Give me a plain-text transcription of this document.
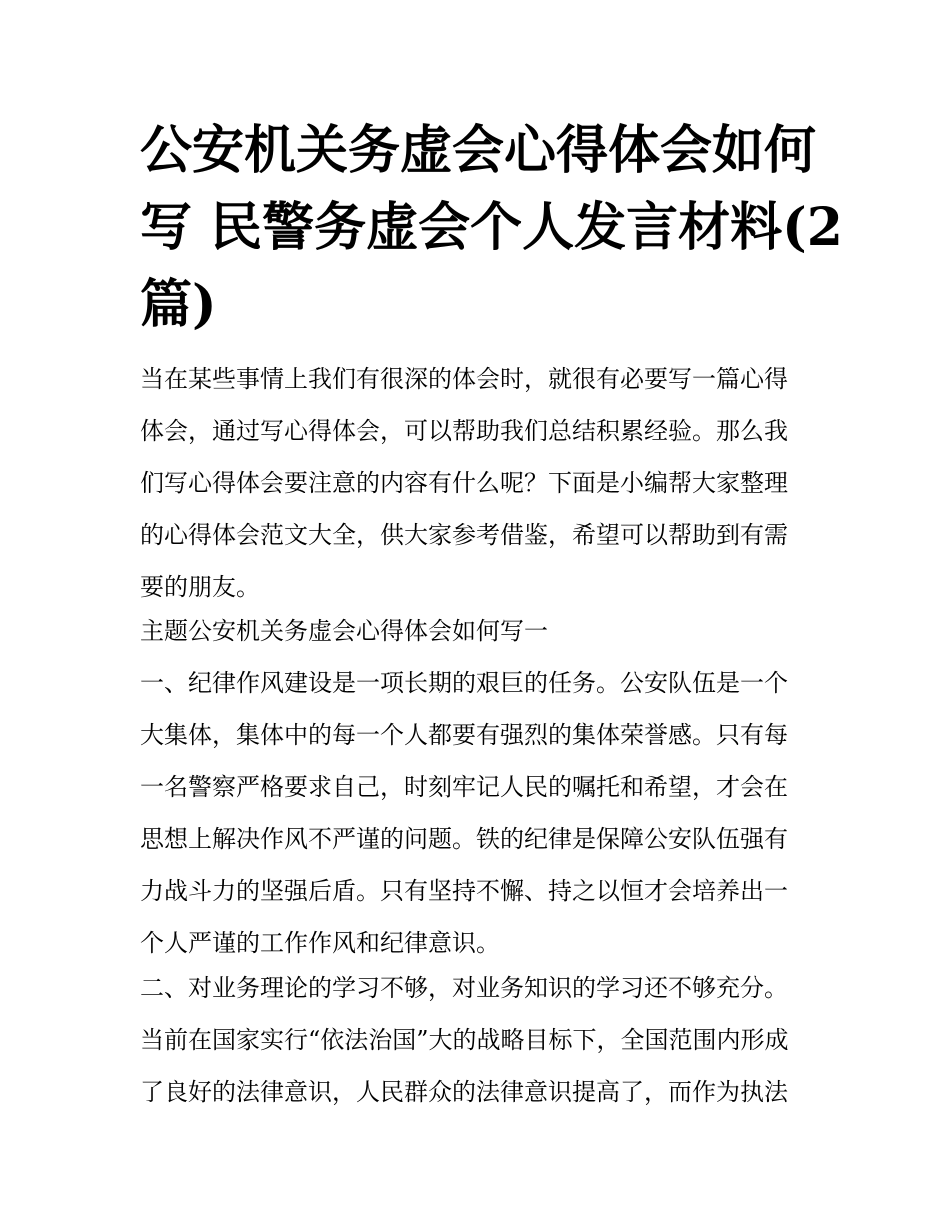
公安机关务虚会心得体会如何
写 民警务虚会个人发言材料(2
篇)

当在某些事情上我们有很深的体会时，就很有必要写一篇心得
体会，通过写心得体会，可以帮助我们总结积累经验。那么我
们写心得体会要注意的内容有什么呢？下面是小编帮大家整理
的心得体会范文大全，供大家参考借鉴，希望可以帮助到有需
要的朋友。

主题公安机关务虚会心得体会如何写一

一、纪律作风建设是一项长期的艰巨的任务。公安队伍是一个
大集体，集体中的每一个人都要有强烈的集体荣誉感。只有每
一名警察严格要求自己，时刻牢记人民的嘱托和希望，才会在
思想上解决作风不严谨的问题。铁的纪律是保障公安队伍强有
力战斗力的坚强后盾。只有坚持不懈、持之以恒才会培养出一
个人严谨的工作作风和纪律意识。

二、对业务理论的学习不够，对业务知识的学习还不够充分。
当前在国家实行“依法治国”大的战略目标下，全国范围内形成
了良好的法律意识，人民群众的法律意识提高了，而作为执法
